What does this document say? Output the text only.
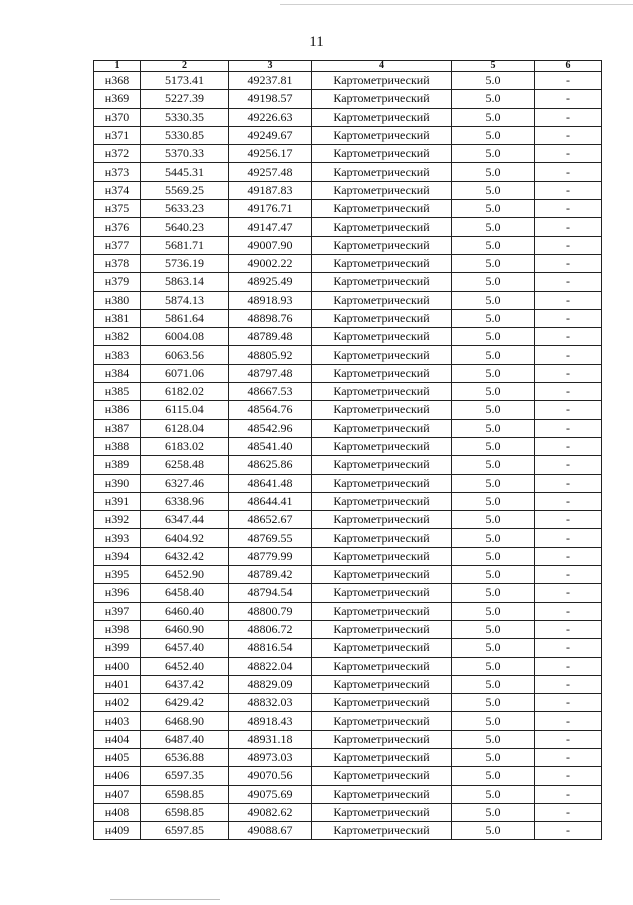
11
1	2	3	4	5	6
н368	5173.41	49237.81	Картометрический	5.0	-
н369	5227.39	49198.57	Картометрический	5.0	-
н370	5330.35	49226.63	Картометрический	5.0	-
н371	5330.85	49249.67	Картометрический	5.0	-
н372	5370.33	49256.17	Картометрический	5.0	-
н373	5445.31	49257.48	Картометрический	5.0	-
н374	5569.25	49187.83	Картометрический	5.0	-
н375	5633.23	49176.71	Картометрический	5.0	-
н376	5640.23	49147.47	Картометрический	5.0	-
н377	5681.71	49007.90	Картометрический	5.0	-
н378	5736.19	49002.22	Картометрический	5.0	-
н379	5863.14	48925.49	Картометрический	5.0	-
н380	5874.13	48918.93	Картометрический	5.0	-
н381	5861.64	48898.76	Картометрический	5.0	-
н382	6004.08	48789.48	Картометрический	5.0	-
н383	6063.56	48805.92	Картометрический	5.0	-
н384	6071.06	48797.48	Картометрический	5.0	-
н385	6182.02	48667.53	Картометрический	5.0	-
н386	6115.04	48564.76	Картометрический	5.0	-
н387	6128.04	48542.96	Картометрический	5.0	-
н388	6183.02	48541.40	Картометрический	5.0	-
н389	6258.48	48625.86	Картометрический	5.0	-
н390	6327.46	48641.48	Картометрический	5.0	-
н391	6338.96	48644.41	Картометрический	5.0	-
н392	6347.44	48652.67	Картометрический	5.0	-
н393	6404.92	48769.55	Картометрический	5.0	-
н394	6432.42	48779.99	Картометрический	5.0	-
н395	6452.90	48789.42	Картометрический	5.0	-
н396	6458.40	48794.54	Картометрический	5.0	-
н397	6460.40	48800.79	Картометрический	5.0	-
н398	6460.90	48806.72	Картометрический	5.0	-
н399	6457.40	48816.54	Картометрический	5.0	-
н400	6452.40	48822.04	Картометрический	5.0	-
н401	6437.42	48829.09	Картометрический	5.0	-
н402	6429.42	48832.03	Картометрический	5.0	-
н403	6468.90	48918.43	Картометрический	5.0	-
н404	6487.40	48931.18	Картометрический	5.0	-
н405	6536.88	48973.03	Картометрический	5.0	-
н406	6597.35	49070.56	Картометрический	5.0	-
н407	6598.85	49075.69	Картометрический	5.0	-
н408	6598.85	49082.62	Картометрический	5.0	-
н409	6597.85	49088.67	Картометрический	5.0	-
